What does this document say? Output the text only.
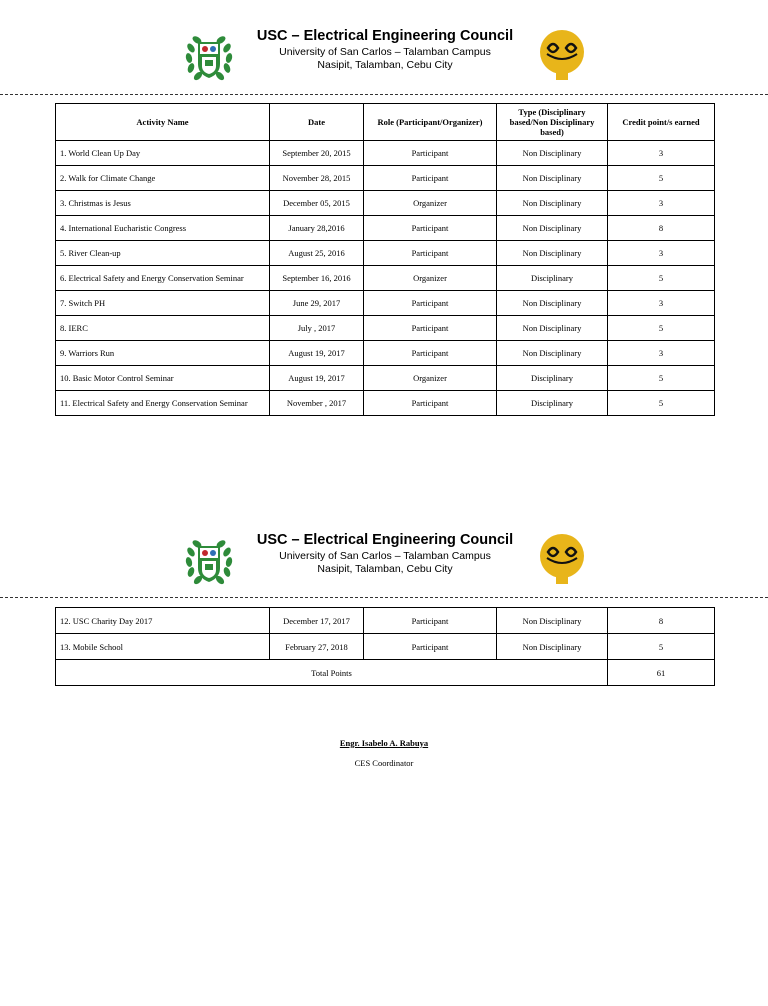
USC – Electrical Engineering Council
University of San Carlos – Talamban Campus
Nasipit, Talamban, Cebu City
Activity Name	Date	Role (Participant/Organizer)	Type (Disciplinary based/Non Disciplinary based)	Credit point/s earned
1. World Clean Up Day	September 20, 2015	Participant	Non Disciplinary	3
2. Walk for Climate Change	November 28, 2015	Participant	Non Disciplinary	5
3. Christmas is Jesus	December 05, 2015	Organizer	Non Disciplinary	3
4. International Eucharistic Congress	January 28,2016	Participant	Non Disciplinary	8
5. River Clean-up	August 25, 2016	Participant	Non Disciplinary	3
6. Electrical Safety and Energy Conservation Seminar	September 16, 2016	Organizer	Disciplinary	5
7. Switch PH	June 29, 2017	Participant	Non Disciplinary	3
8. IERC	July , 2017	Participant	Non Disciplinary	5
9. Warriors Run	August 19, 2017	Participant	Non Disciplinary	3
10. Basic Motor Control Seminar	August 19, 2017	Organizer	Disciplinary	5
11. Electrical Safety and Energy Conservation Seminar	November , 2017	Participant	Disciplinary	5
USC – Electrical Engineering Council
University of San Carlos – Talamban Campus
Nasipit, Talamban, Cebu City
12. USC Charity Day 2017	December 17, 2017	Participant	Non Disciplinary	8
13. Mobile School	February 27, 2018	Participant	Non Disciplinary	5
Total Points				61
Engr. Isabelo A. Rabuya
CES Coordinator
